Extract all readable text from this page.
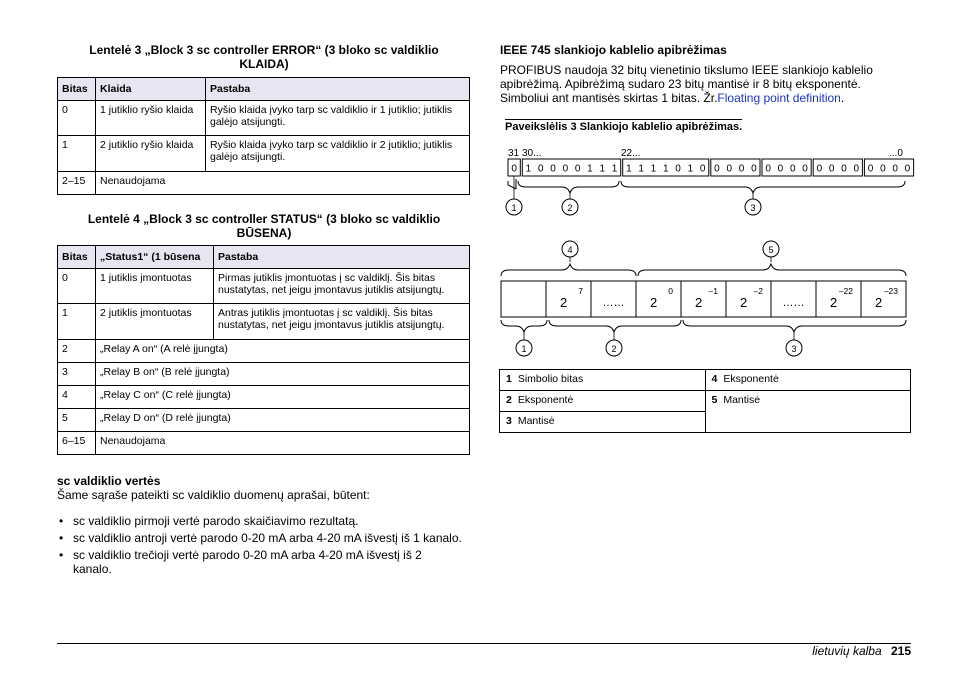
Lentelė 3 „Block 3 sc controller ERROR“ (3 bloko sc valdiklio
KLAIDA)
Bitas	Klaida	Pastaba
0	1 jutiklio ryšio klaida	Ryšio klaida įvyko tarp sc valdiklio ir 1 jutiklio; jutiklis galėjo atsijungti.
1	2 jutiklio ryšio klaida	Ryšio klaida įvyko tarp sc valdiklio ir 2 jutiklio; jutiklis galėjo atsijungti.
2–15	Nenaudojama	
Lentelė 4 „Block 3 sc controller STATUS“ (3 bloko sc valdiklio
BŪSENA)
Bitas	„Status1“ (1 būsena	Pastaba
0	1 jutiklis įmontuotas	Pirmas jutiklis įmontuotas į sc valdiklį. Šis bitas nustatytas, net jeigu įmontavus jutiklis atsijungtų.
1	2 jutiklis įmontuotas	Antras jutiklis įmontuotas į sc valdiklį. Šis bitas nustatytas, net jeigu įmontavus jutiklis atsijungtų.
2	„Relay A on“ (A relė įjungta)	
3	„Relay B on“ (B relė įjungta)	
4	„Relay C on“ (C relė įjungta)	
5	„Relay D on“ (D relė įjungta)	
6–15	Nenaudojama	
sc valdiklio vertės
Šame sąraše pateikti sc valdiklio duomenų aprašai, būtent:
• sc valdiklio pirmoji vertė parodo skaičiavimo rezultatą.
• sc valdiklio antroji vertė parodo 0-20 mA arba 4-20 mA išvestį iš 1 kanalo.
• sc valdiklio trečioji vertė parodo 0-20 mA arba 4-20 mA išvestį iš 2 kanalo.
IEEE 745 slankiojo kablelio apibrėžimas
PROFIBUS naudoja 32 bitų vienetinio tikslumo IEEE slankiojo kablelio
apibrėžimą. Apibrėžimą sudaro 23 bitų mantisė ir 8 bitų eksponentė.
Simboliui ant mantisės skirtas 1 bitas. Žr.Floating point definition.
Paveikslėlis 3 Slankiojo kablelio apibrėžimas.
31 30...	22...	...0
0 1 0 0 0 0 1 1 1 1 1 1 1 0 1 0 0 0 0 0 0 0 0 0 0 0 0 0 0 0 0 0
1	2	3
4	5
2
7
…… 2
0
2
–1
2
–2
…… 2
–22
2
–23
1	2	3
1 Simbolio bitas	4 Eksponentė
2 Eksponentė	5 Mantisė
3 Mantisė	
lietuvių kalba 215
